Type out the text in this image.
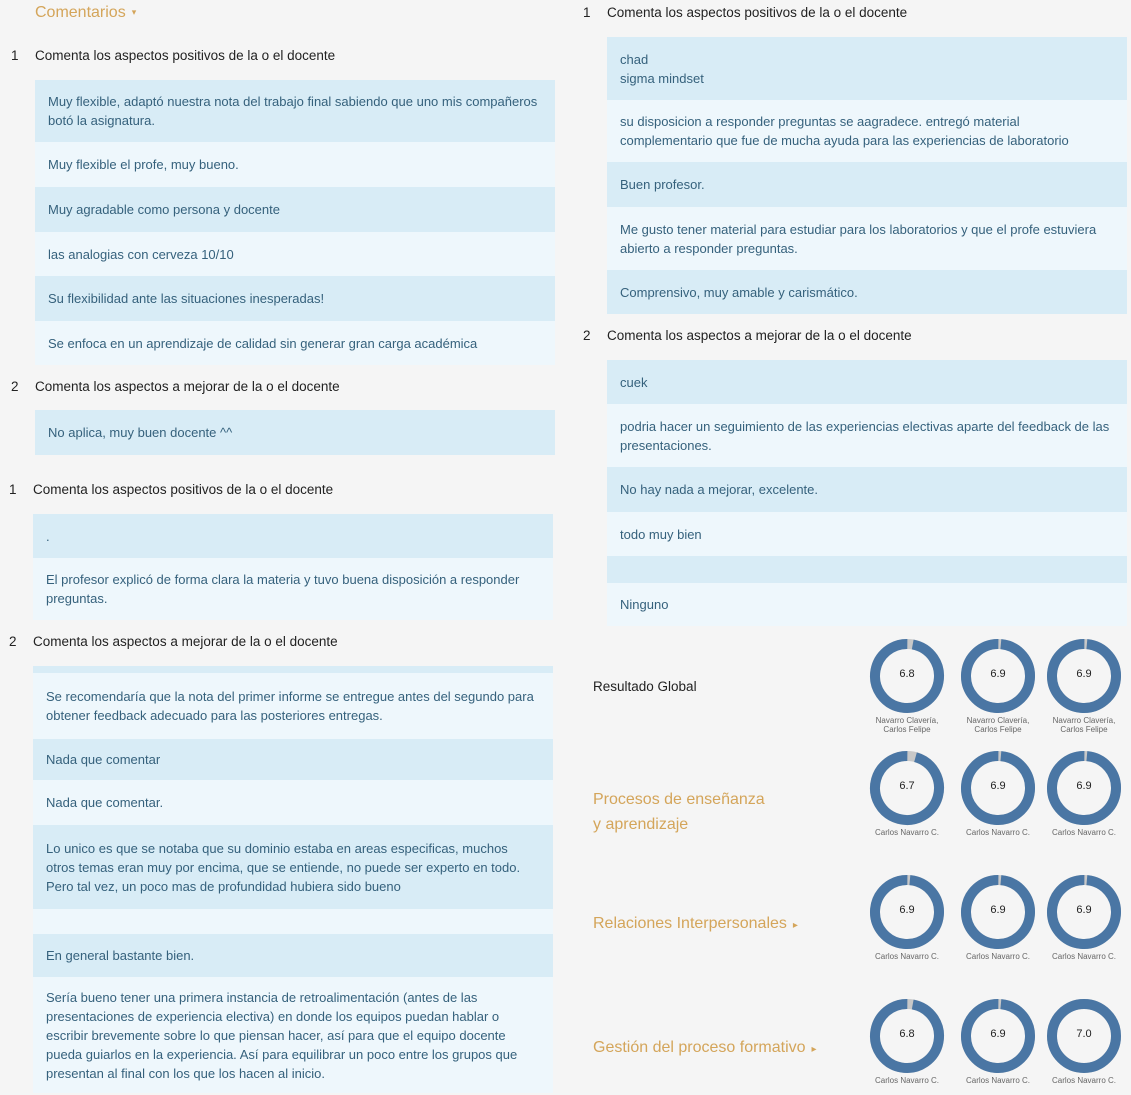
Comentarios ▾
1 Comenta los aspectos positivos de la o el docente
Muy flexible, adaptó nuestra nota del trabajo final sabiendo que uno mis compañeros botó la asignatura.
Muy flexible el profe, muy bueno.
Muy agradable como persona y docente
las analogias con cerveza 10/10
Su flexibilidad ante las situaciones inesperadas!
Se enfoca en un aprendizaje de calidad sin generar gran carga académica
2 Comenta los aspectos a mejorar de la o el docente
No aplica, muy buen docente ^^
1 Comenta los aspectos positivos de la o el docente
.
El profesor explicó de forma clara la materia y tuvo buena disposición a responder preguntas.
2 Comenta los aspectos a mejorar de la o el docente
Se recomendaría que la nota del primer informe se entregue antes del segundo para obtener feedback adecuado para las posteriores entregas.
Nada que comentar
Nada que comentar.
Lo unico es que se notaba que su dominio estaba en areas especificas, muchos otros temas eran muy por encima, que se entiende, no puede ser experto en todo. Pero tal vez, un poco mas de profundidad hubiera sido bueno
En general bastante bien.
Sería bueno tener una primera instancia de retroalimentación (antes de las presentaciones de experiencia electiva) en donde los equipos puedan hablar o escribir brevemente sobre lo que piensan hacer, así para que el equipo docente pueda guiarlos en la experiencia. Así para equilibrar un poco entre los grupos que presentan al final con los que los hacen al inicio.
1 Comenta los aspectos positivos de la o el docente
chad
sigma mindset
su disposicion a responder preguntas se aagradece. entregó material complementario que fue de mucha ayuda para las experiencias de laboratorio
Buen profesor.
Me gusto tener material para estudiar para los laboratorios y que el profe estuviera abierto a responder preguntas.
Comprensivo, muy amable y carismático.
2 Comenta los aspectos a mejorar de la o el docente
cuek
podria hacer un seguimiento de las experiencias electivas aparte del feedback de las presentaciones.
No hay nada a mejorar, excelente.
todo muy bien
Ninguno
Resultado Global
6.8
Navarro Clavería, Carlos Felipe
6.9
Navarro Clavería, Carlos Felipe
6.9
Navarro Clavería, Carlos Felipe
Procesos de enseñanza
y aprendizaje
6.7
Carlos Navarro C.
6.9
Carlos Navarro C.
6.9
Carlos Navarro C.
Relaciones Interpersonales ▸
6.9
Carlos Navarro C.
6.9
Carlos Navarro C.
6.9
Carlos Navarro C.
Gestión del proceso formativo ▸
6.8
Carlos Navarro C.
6.9
Carlos Navarro C.
7.0
Carlos Navarro C.
